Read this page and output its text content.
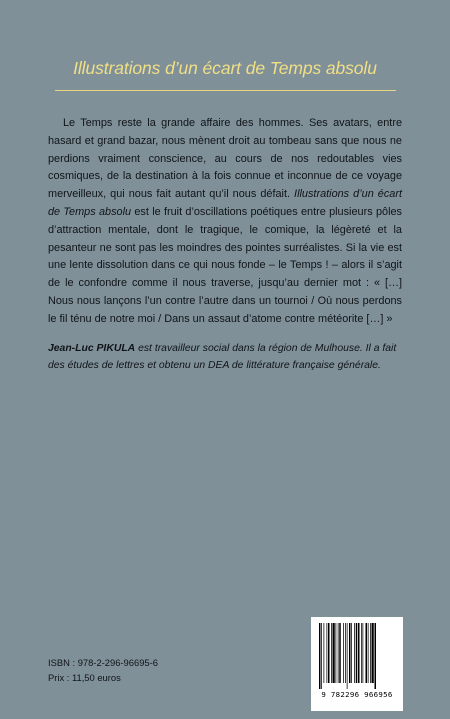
Illustrations d’un écart de Temps absolu

Le Temps reste la grande affaire des hommes. Ses avatars, entre hasard et grand bazar, nous mènent droit au tombeau sans que nous ne perdions vraiment conscience, au cours de nos redoutables vies cosmiques, de la destination à la fois connue et inconnue de ce voyage merveilleux, qui nous fait autant qu’il nous défait. Illustrations d’un écart de Temps absolu est le fruit d’oscillations poétiques entre plusieurs pôles d’attraction mentale, dont le tragique, le comique, la légèreté et la pesanteur ne sont pas les moindres des pointes surréalistes. Si la vie est une lente dissolution dans ce qui nous fonde – le Temps ! – alors il s’agit de le confondre comme il nous traverse, jusqu’au dernier mot : « […] Nous nous lançons l’un contre l’autre dans un tournoi / Où nous perdons le fil ténu de notre moi / Dans un assaut d’atome contre météorite […] »

Jean-Luc PIKULA est travailleur social dans la région de Mulhouse. Il a fait des études de lettres et obtenu un DEA de littérature française générale.

ISBN : 978-2-296-96695-6
Prix : 11,50 euros
9 782296 966956
